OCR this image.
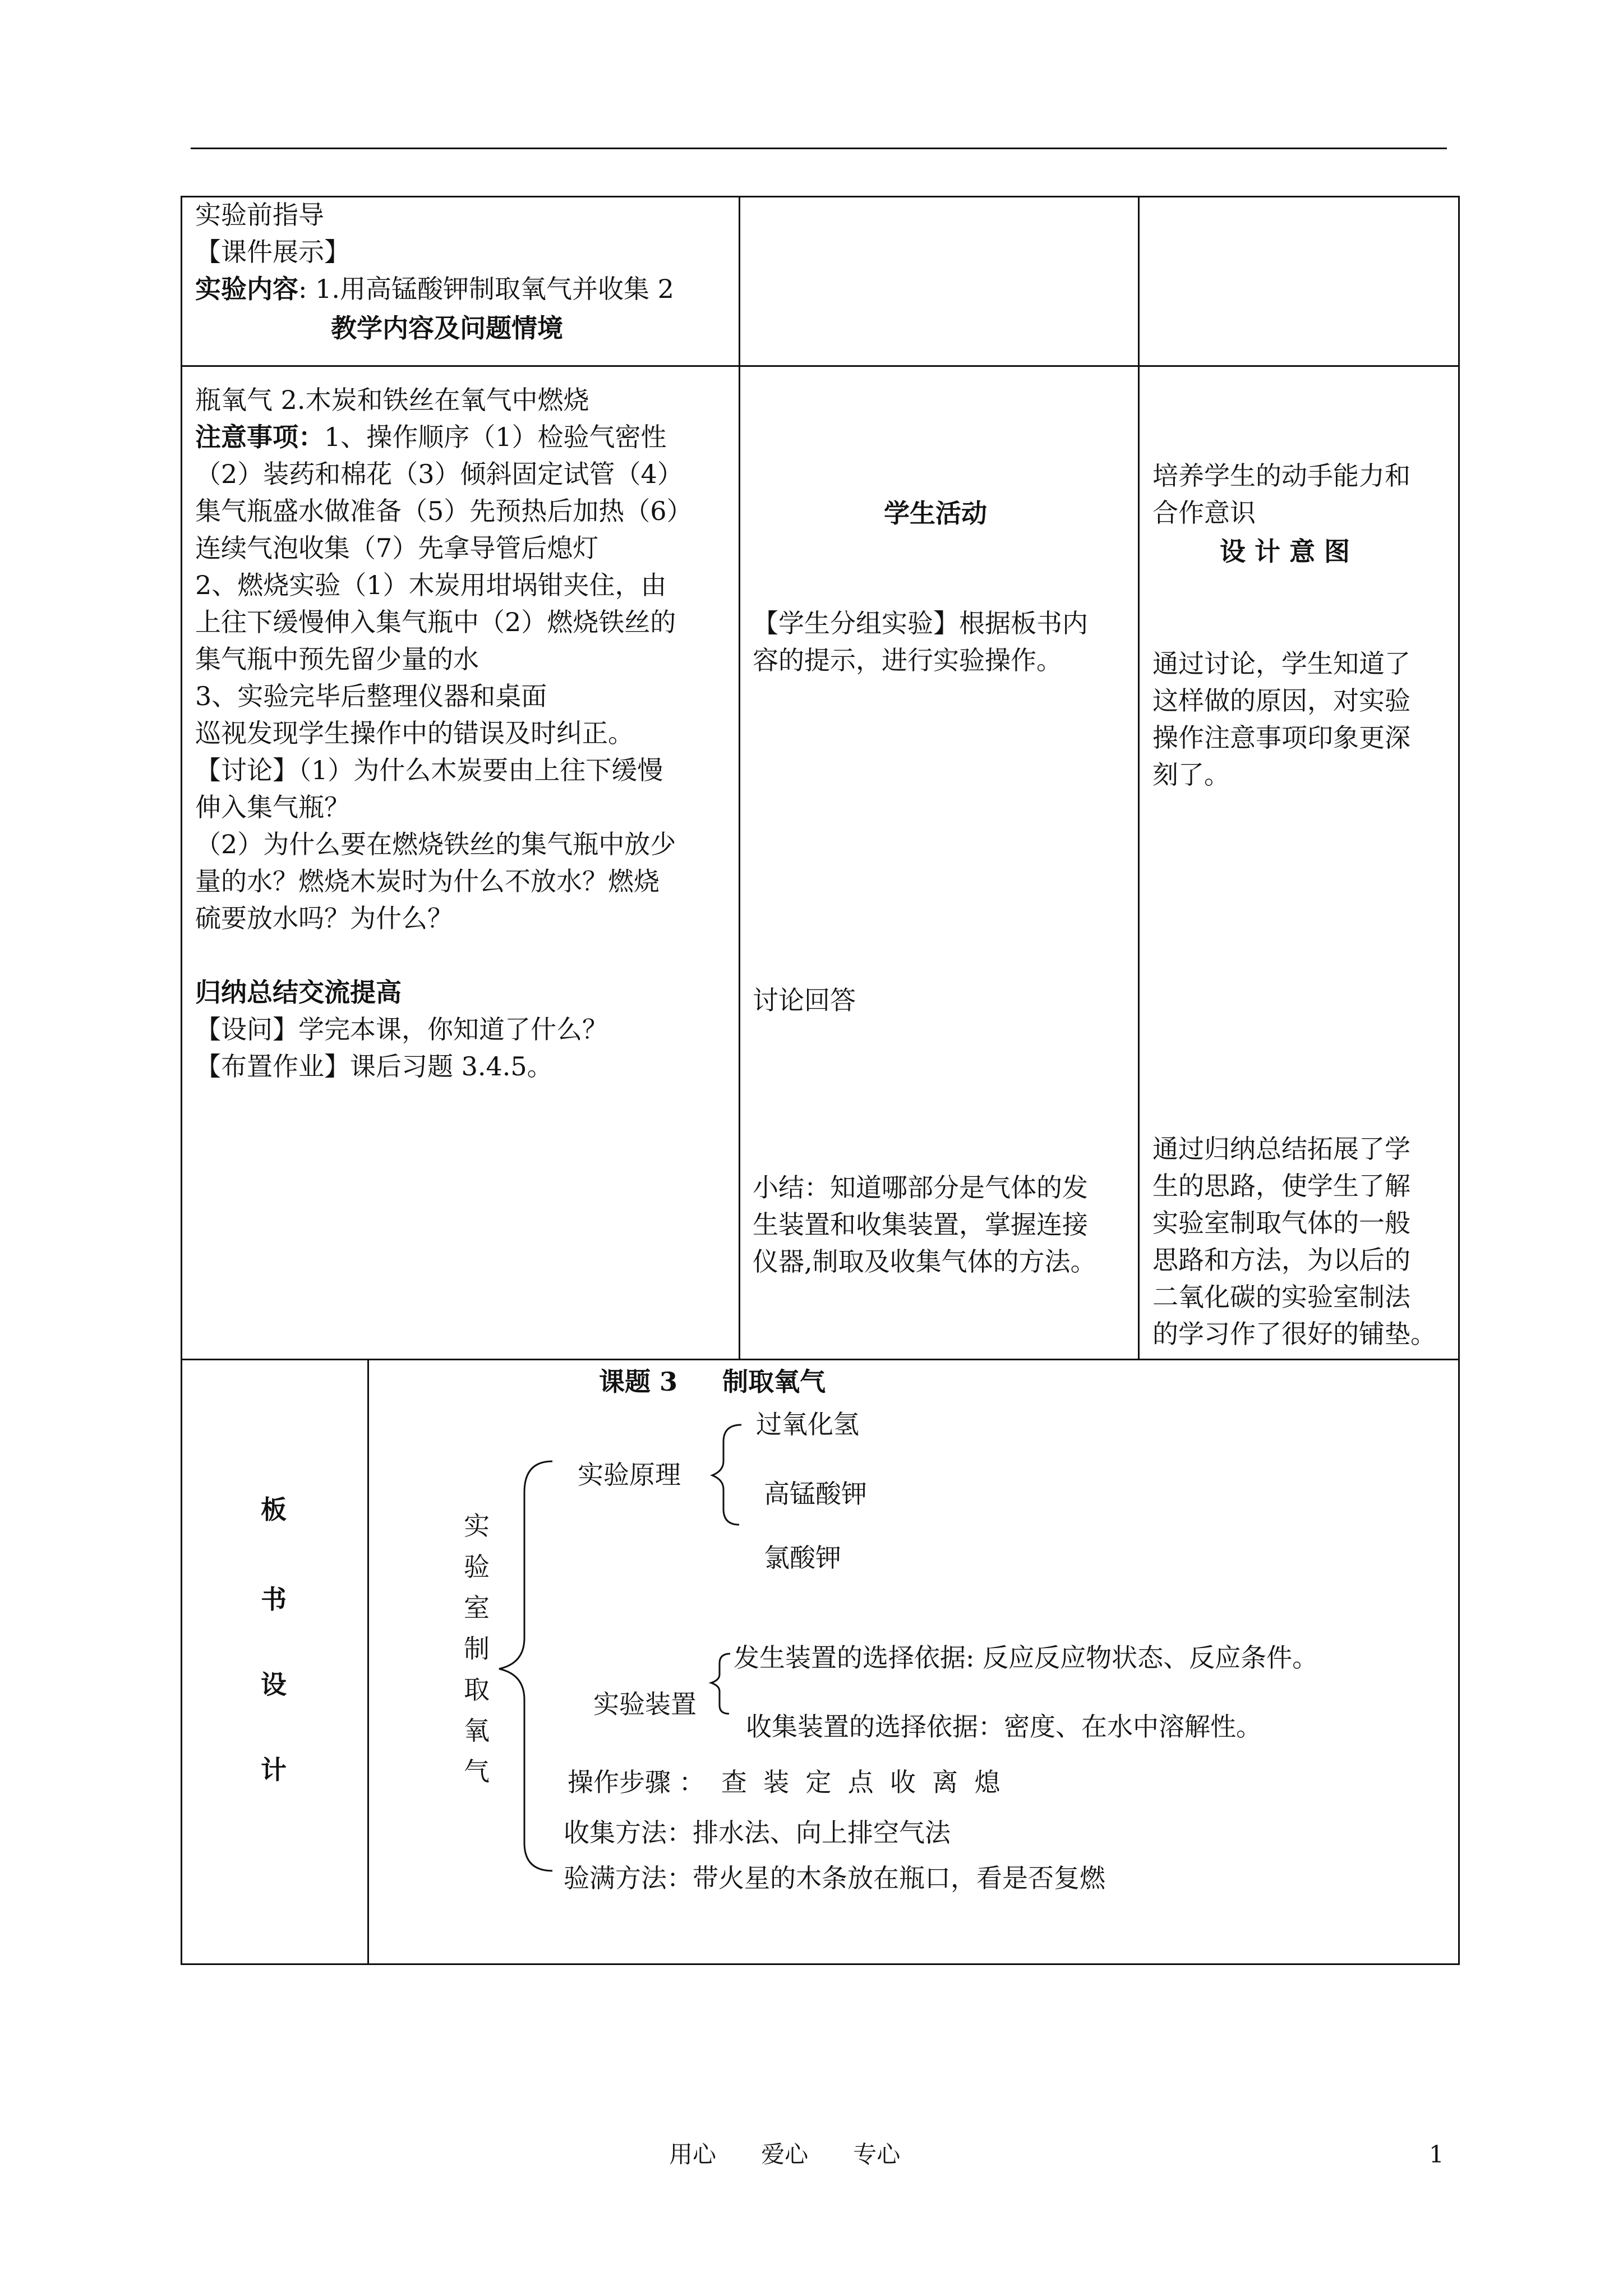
实验前指导
【课件展示】
实验内容: 1.用高锰酸钾制取氧气并收集 2
教学内容及问题情境
瓶氧气 2.木炭和铁丝在氧气中燃烧
注意事项：1、操作顺序（1）检验气密性
（2）装药和棉花（3）倾斜固定试管（4）
集气瓶盛水做准备（5）先预热后加热（6）
连续气泡收集（7）先拿导管后熄灯
2、燃烧实验（1）木炭用坩埚钳夹住，由
上往下缓慢伸入集气瓶中（2）燃烧铁丝的
集气瓶中预先留少量的水
3、实验完毕后整理仪器和桌面
巡视发现学生操作中的错误及时纠正。
【讨论】（1）为什么木炭要由上往下缓慢
伸入集气瓶？
（2）为什么要在燃烧铁丝的集气瓶中放少
量的水？燃烧木炭时为什么不放水？燃烧
硫要放水吗？为什么？
归纳总结交流提高
【设问】学完本课，你知道了什么？
【布置作业】课后习题 3.4.5。
学生活动
【学生分组实验】根据板书内
容的提示，进行实验操作。
讨论回答
小结：知道哪部分是气体的发
生装置和收集装置，掌握连接
仪器,制取及收集气体的方法。
培养学生的动手能力和
合作意识
设 计 意 图
通过讨论，学生知道了
这样做的原因，对实验
操作注意事项印象更深
刻了。
通过归纳总结拓展了学
生的思路，使学生了解
实验室制取气体的一般
思路和方法，为以后的
二氧化碳的实验室制法
的学习作了很好的铺垫。
板
书
设
计
课题 3     制取氧气
实
验
室
制
取
氧
气
实验原理
过氧化氢
高锰酸钾
氯酸钾
实验装置
发生装置的选择依据: 反应反应物状态、反应条件。
收集装置的选择依据：密度、在水中溶解性。
操作步骤 ：  查  装  定  点  收  离  熄
收集方法：排水法、向上排空气法
验满方法：带火星的木条放在瓶口，看是否复燃
用心      爱心      专心	1
